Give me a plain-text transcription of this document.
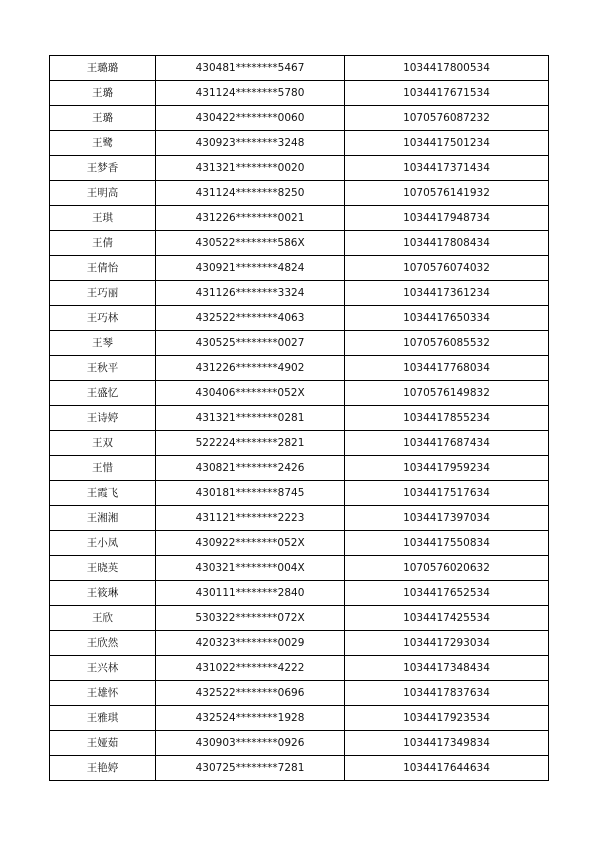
王璐璐	430481********5467	1034417800534
王璐	431124********5780	1034417671534
王璐	430422********0060	1070576087232
王鹭	430923********3248	1034417501234
王梦香	431321********0020	1034417371434
王明高	431124********8250	1070576141932
王琪	431226********0021	1034417948734
王倩	430522********586X	1034417808434
王倩怡	430921********4824	1070576074032
王巧丽	431126********3324	1034417361234
王巧林	432522********4063	1034417650334
王琴	430525********0027	1070576085532
王秋平	431226********4902	1034417768034
王盛忆	430406********052X	1070576149832
王诗婷	431321********0281	1034417855234
王双	522224********2821	1034417687434
王惜	430821********2426	1034417959234
王霞飞	430181********8745	1034417517634
王湘湘	431121********2223	1034417397034
王小凤	430922********052X	1034417550834
王晓英	430321********004X	1070576020632
王筱琳	430111********2840	1034417652534
王欣	530322********072X	1034417425534
王欣然	420323********0029	1034417293034
王兴林	431022********4222	1034417348434
王雄怀	432522********0696	1034417837634
王雅琪	432524********1928	1034417923534
王娅茹	430903********0926	1034417349834
王艳婷	430725********7281	1034417644634
